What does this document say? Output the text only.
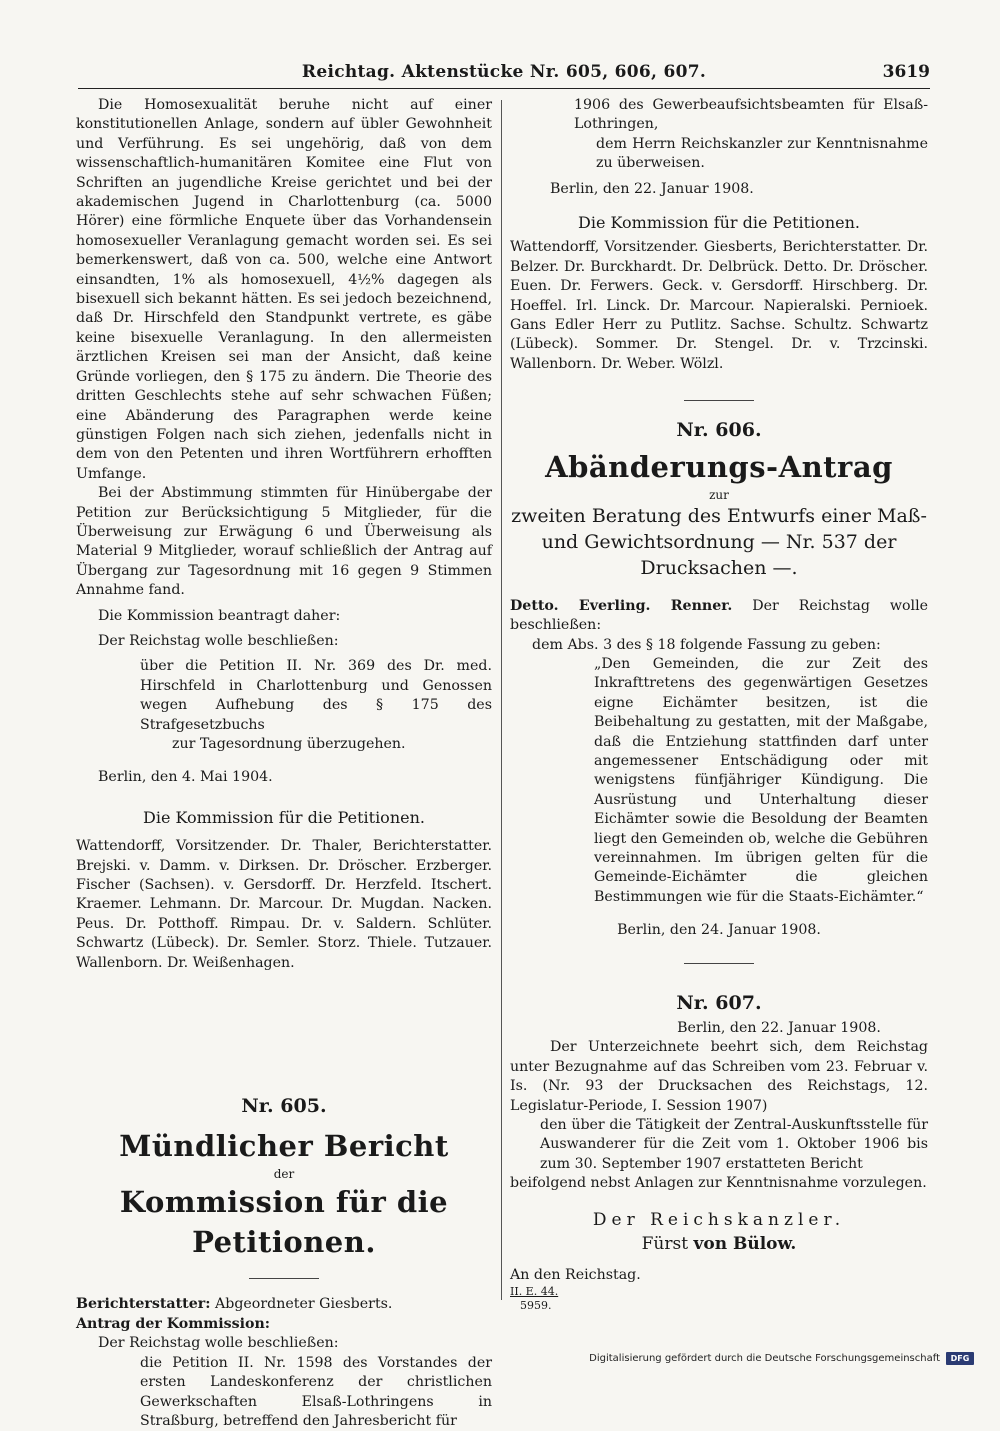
Reichtag. Aktenstücke Nr. 605, 606, 607.	3619

Die Homosexualität beruhe nicht auf einer konstitutionellen Anlage, sondern auf übler Gewohnheit und Verführung. Es sei ungehörig, daß von dem wissenschaftlich-humanitären Komitee eine Flut von Schriften an jugendliche Kreise gerichtet und bei der akademischen Jugend in Charlottenburg (ca. 5000 Hörer) eine förmliche Enquete über das Vorhandensein homosexueller Veranlagung gemacht worden sei. Es sei bemerkenswert, daß von ca. 500, welche eine Antwort einsandten, 1% als homosexuell, 4½% dagegen als bisexuell sich bekannt hätten. Es sei jedoch bezeichnend, daß Dr. Hirschfeld den Standpunkt vertrete, es gäbe keine bisexuelle Veranlagung. In den allermeisten ärztlichen Kreisen sei man der Ansicht, daß keine Gründe vorliegen, den § 175 zu ändern. Die Theorie des dritten Geschlechts stehe auf sehr schwachen Füßen; eine Abänderung des Paragraphen werde keine günstigen Folgen nach sich ziehen, jedenfalls nicht in dem von den Petenten und ihren Wortführern erhofften Umfange.

Bei der Abstimmung stimmten für Hinübergabe der Petition zur Berücksichtigung 5 Mitglieder, für die Überweisung zur Erwägung 6 und Überweisung als Material 9 Mitglieder, worauf schließlich der Antrag auf Übergang zur Tagesordnung mit 16 gegen 9 Stimmen Annahme fand.

Die Kommission beantragt daher:

Der Reichstag wolle beschließen:

über die Petition II. Nr. 369 des Dr. med. Hirschfeld in Charlottenburg und Genossen wegen Aufhebung des § 175 des Strafgesetzbuchs

zur Tagesordnung überzugehen.

Berlin, den 4. Mai 1904.

Die Kommission für die Petitionen.

Wattendorff, Vorsitzender. Dr. Thaler, Berichterstatter. Brejski. v. Damm. v. Dirksen. Dr. Dröscher. Erzberger. Fischer (Sachsen). v. Gersdorff. Dr. Herzfeld. Itschert. Kraemer. Lehmann. Dr. Marcour. Dr. Mugdan. Nacken. Peus. Dr. Potthoff. Rimpau. Dr. v. Saldern. Schlüter. Schwartz (Lübeck). Dr. Semler. Storz. Thiele. Tutzauer. Wallenborn. Dr. Weißenhagen.

Nr. 605.
Mündlicher Bericht
der
Kommission für die Petitionen.

Berichterstatter: Abgeordneter Giesberts.

Antrag der Kommission:

Der Reichstag wolle beschließen:

die Petition II. Nr. 1598 des Vorstandes der ersten Landeskonferenz der christlichen Gewerkschaften Elsaß-Lothringens in Straßburg, betreffend den Jahresbericht für

1906 des Gewerbeaufsichtsbeamten für Elsaß-Lothringen,

dem Herrn Reichskanzler zur Kenntnisnahme zu überweisen.

Berlin, den 22. Januar 1908.

Die Kommission für die Petitionen.

Wattendorff, Vorsitzender. Giesberts, Berichterstatter. Dr. Belzer. Dr. Burckhardt. Dr. Delbrück. Detto. Dr. Dröscher. Euen. Dr. Ferwers. Geck. v. Gersdorff. Hirschberg. Dr. Hoeffel. Irl. Linck. Dr. Marcour. Napieralski. Pernioek. Gans Edler Herr zu Putlitz. Sachse. Schultz. Schwartz (Lübeck). Sommer. Dr. Stengel. Dr. v. Trzcinski. Wallenborn. Dr. Weber. Wölzl.

Nr. 606.
Abänderungs-Antrag
zur
zweiten Beratung des Entwurfs einer Maß- und Gewichtsordnung — Nr. 537 der Drucksachen —.

Detto. Everling. Renner. Der Reichstag wolle beschließen:

dem Abs. 3 des § 18 folgende Fassung zu geben:

„Den Gemeinden, die zur Zeit des Inkrafttretens des gegenwärtigen Gesetzes eigne Eichämter besitzen, ist die Beibehaltung zu gestatten, mit der Maßgabe, daß die Entziehung stattfinden darf unter angemessener Entschädigung oder mit wenigstens fünfjähriger Kündigung. Die Ausrüstung und Unterhaltung dieser Eichämter sowie die Besoldung der Beamten liegt den Gemeinden ob, welche die Gebühren vereinnahmen. Im übrigen gelten für die Gemeinde-Eichämter die gleichen Bestimmungen wie für die Staats-Eichämter.“

Berlin, den 24. Januar 1908.

Nr. 607.

Berlin, den 22. Januar 1908.

Der Unterzeichnete beehrt sich, dem Reichstag unter Bezugnahme auf das Schreiben vom 23. Februar v. Is. (Nr. 93 der Drucksachen des Reichstags, 12. Legislatur-Periode, I. Session 1907)

den über die Tätigkeit der Zentral-Auskunftsstelle für Auswanderer für die Zeit vom 1. Oktober 1906 bis zum 30. September 1907 erstatteten Bericht

beifolgend nebst Anlagen zur Kenntnisnahme vorzulegen.

Der Reichskanzler.
Fürst von Bülow.

An den Reichstag.

II. E. 44.

5959.

Digitalisierung gefördert durch die Deutsche Forschungsgemeinschaft	DFG
